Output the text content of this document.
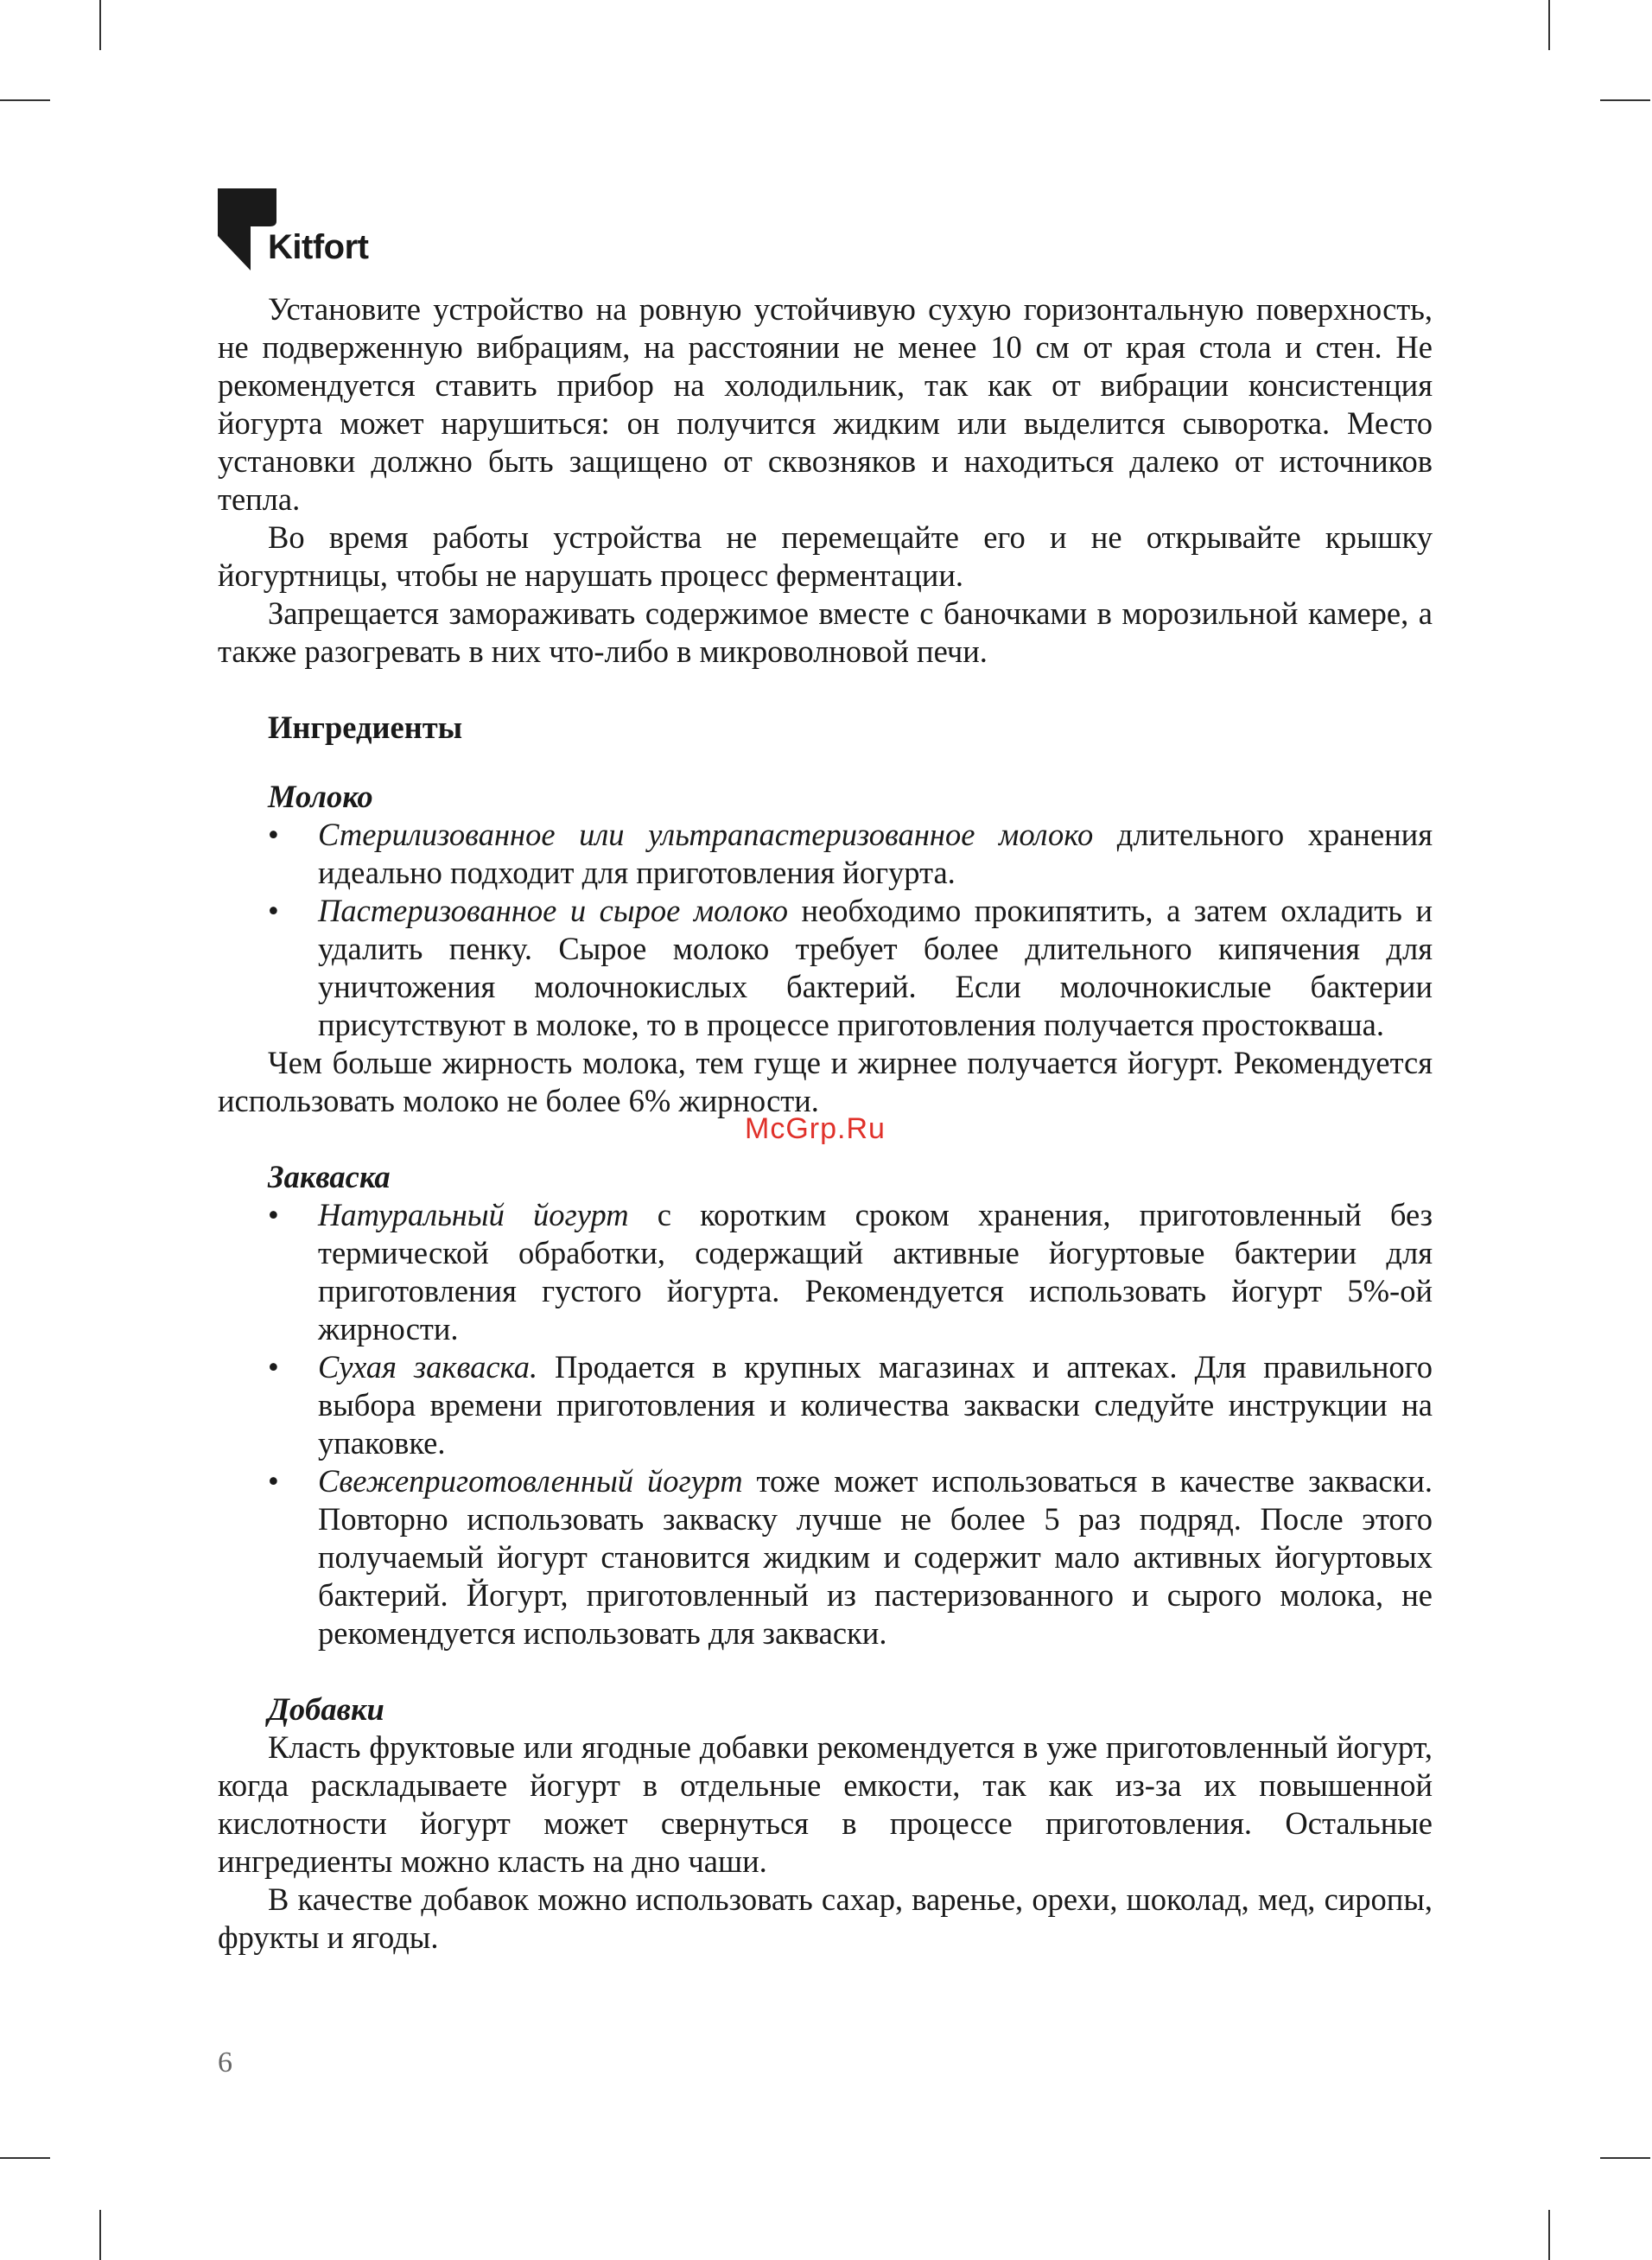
Kitfort

Установите устройство на ровную устойчивую сухую горизонтальную поверхность, не подверженную вибрациям, на расстоянии не менее 10 см от края стола и стен. Не рекомендуется ставить прибор на холодильник, так как от вибрации консистенция йогурта может нарушиться: он получится жидким или выделится сыворотка. Место установки должно быть защищено от сквозняков и находиться далеко от источников тепла.

Во время работы устройства не перемещайте его и не открывайте крышку йогуртницы, чтобы не нарушать процесс ферментации.

Запрещается замораживать содержимое вместе с баночками в морозильной камере, а также разогревать в них что-либо в микроволновой печи.

Ингредиенты
Молоко
• Стерилизованное или ультрапастеризованное молоко длительного хранения идеально подходит для приготовления йогурта.
• Пастеризованное и сырое молоко необходимо прокипятить, а затем охладить и удалить пенку. Сырое молоко требует более длительного кипячения для уничтожения молочнокислых бактерий. Если молочнокислые бактерии присутствуют в молоке, то в процессе приготовления получается простокваша.

Чем больше жирность молока, тем гуще и жирнее получается йогурт. Рекомендуется использовать молоко не более 6% жирности.

Закваска
• Натуральный йогурт с коротким сроком хранения, приготовленный без термической обработки, содержащий активные йогуртовые бактерии для приготовления густого йогурта. Рекомендуется использовать йогурт 5%-ой жирности.
• Сухая закваска. Продается в крупных магазинах и аптеках. Для правильного выбора времени приготовления и количества закваски следуйте инструкции на упаковке.
• Свежеприготовленный йогурт тоже может использоваться в качестве закваски. Повторно использовать закваску лучше не более 5 раз подряд. После этого получаемый йогурт становится жидким и содержит мало активных йогуртовых бактерий. Йогурт, приготовленный из пастеризованного и сырого молока, не рекомендуется использовать для закваски.
Добавки

Класть фруктовые или ягодные добавки рекомендуется в уже приготовленный йогурт, когда раскладываете йогурт в отдельные емкости, так как из-за их повышенной кислотности йогурт может свернуться в процессе приготовления. Остальные ингредиенты можно класть на дно чаши.

В качестве добавок можно использовать сахар, варенье, орехи, шоколад, мед, сиропы, фрукты и ягоды.

McGrp.Ru
6
